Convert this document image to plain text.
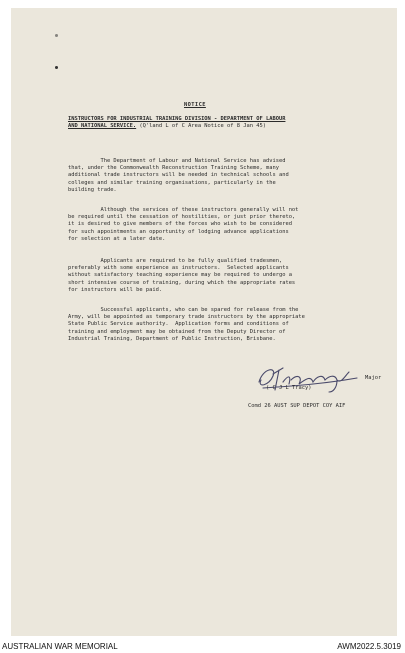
NOTICE
INSTRUCTORS FOR INDUSTRIAL TRAINING DIVISION - DEPARTMENT OF LABOUR
AND NATIONAL SERVICE. (Q'land L of C Area Notice of 8 Jan 45)
The Department of Labour and National Service has advised
that, under the Commonwealth Reconstruction Training Scheme, many
additional trade instructors will be needed in technical schools and
colleges and similar training organisations, particularly in the
building trade.
Although the services of these instructors generally will not
be required until the cessation of hostilities, or just prior thereto,
it is desired to give members of the forces who wish to be considered
for such appointments an opportunity of lodging advance applications
for selection at a later date.
Applicants are required to be fully qualified tradesmen,
preferably with some experience as instructors.  Selected applicants
without satisfactory teaching experience may be required to undergo a
short intensive course of training, during which the appropriate rates
for instructors will be paid.
Successful applicants, who can be spared for release from the
Army, will be appointed as temporary trade instructors by the appropriate
State Public Service authority.  Application forms and conditions of
training and employment may be obtained from the Deputy Director of
Industrial Training, Department of Public Instruction, Brisbane.
Major
( C J L Tracy)
Comd 26 AUST SUP DEPOT COY AIF
AUSTRALIAN WAR MEMORIAL	AWM2022.5.3019
